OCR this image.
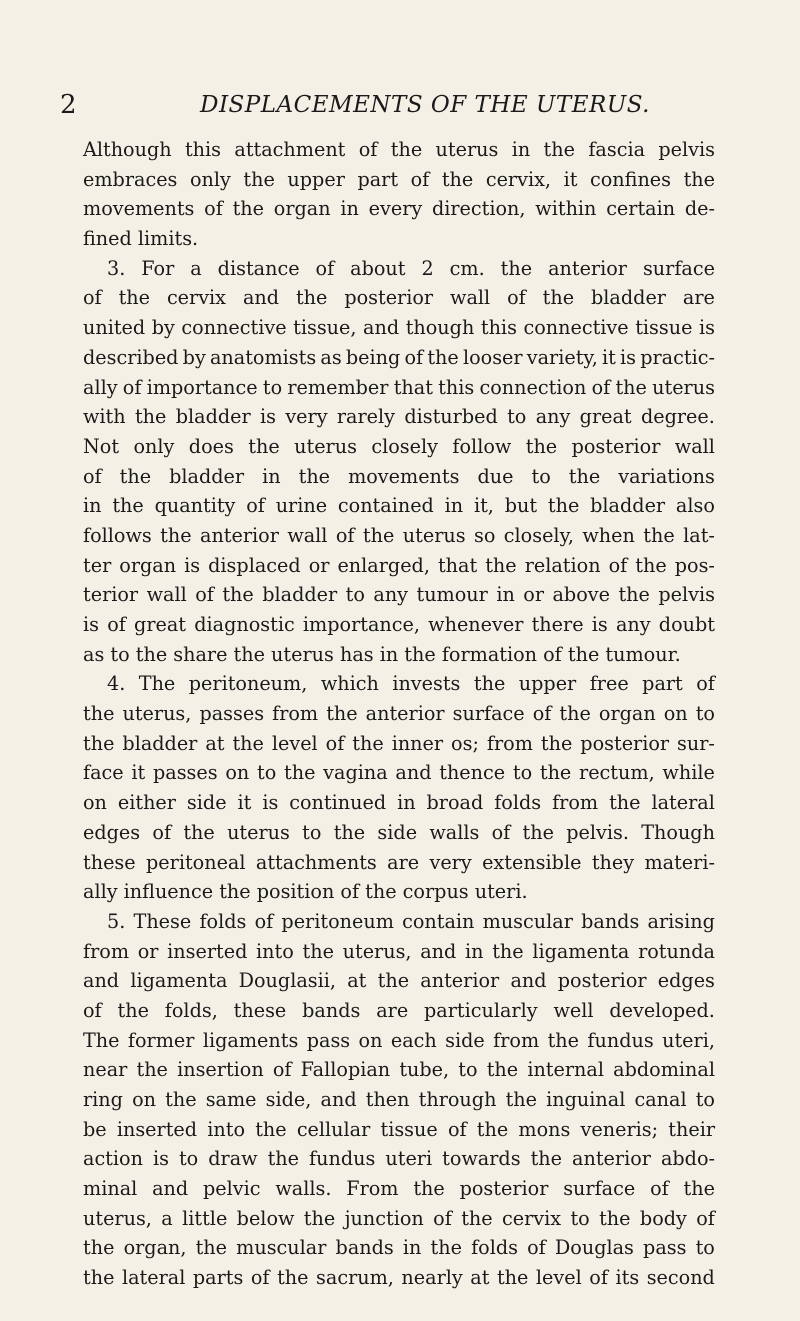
2	DISPLACEMENTS OF THE UTERUS.
Although this attachment of the uterus in the fascia pelvis
embraces only the upper part of the cervix, it confines the
movements of the organ in every direction, within certain de-
fined limits.
3. For a distance of about 2 cm. the anterior surface
of the cervix and the posterior wall of the bladder are
united by connective tissue, and though this connective tissue is
described by anatomists as being of the looser variety, it is practic-
ally of importance to remember that this connection of the uterus
with the bladder is very rarely disturbed to any great degree.
Not only does the uterus closely follow the posterior wall
of the bladder in the movements due to the variations
in the quantity of urine contained in it, but the bladder also
follows the anterior wall of the uterus so closely, when the lat-
ter organ is displaced or enlarged, that the relation of the pos-
terior wall of the bladder to any tumour in or above the pelvis
is of great diagnostic importance, whenever there is any doubt
as to the share the uterus has in the formation of the tumour.
4. The peritoneum, which invests the upper free part of
the uterus, passes from the anterior surface of the organ on to
the bladder at the level of the inner os; from the posterior sur-
face it passes on to the vagina and thence to the rectum, while
on either side it is continued in broad folds from the lateral
edges of the uterus to the side walls of the pelvis. Though
these peritoneal attachments are very extensible they materi-
ally influence the position of the corpus uteri.
5. These folds of peritoneum contain muscular bands arising
from or inserted into the uterus, and in the ligamenta rotunda
and ligamenta Douglasii, at the anterior and posterior edges
of the folds, these bands are particularly well developed.
The former ligaments pass on each side from the fundus uteri,
near the insertion of Fallopian tube, to the internal abdominal
ring on the same side, and then through the inguinal canal to
be inserted into the cellular tissue of the mons veneris; their
action is to draw the fundus uteri towards the anterior abdo-
minal and pelvic walls. From the posterior surface of the
uterus, a little below the junction of the cervix to the body of
the organ, the muscular bands in the folds of Douglas pass to
the lateral parts of the sacrum, nearly at the level of its second
